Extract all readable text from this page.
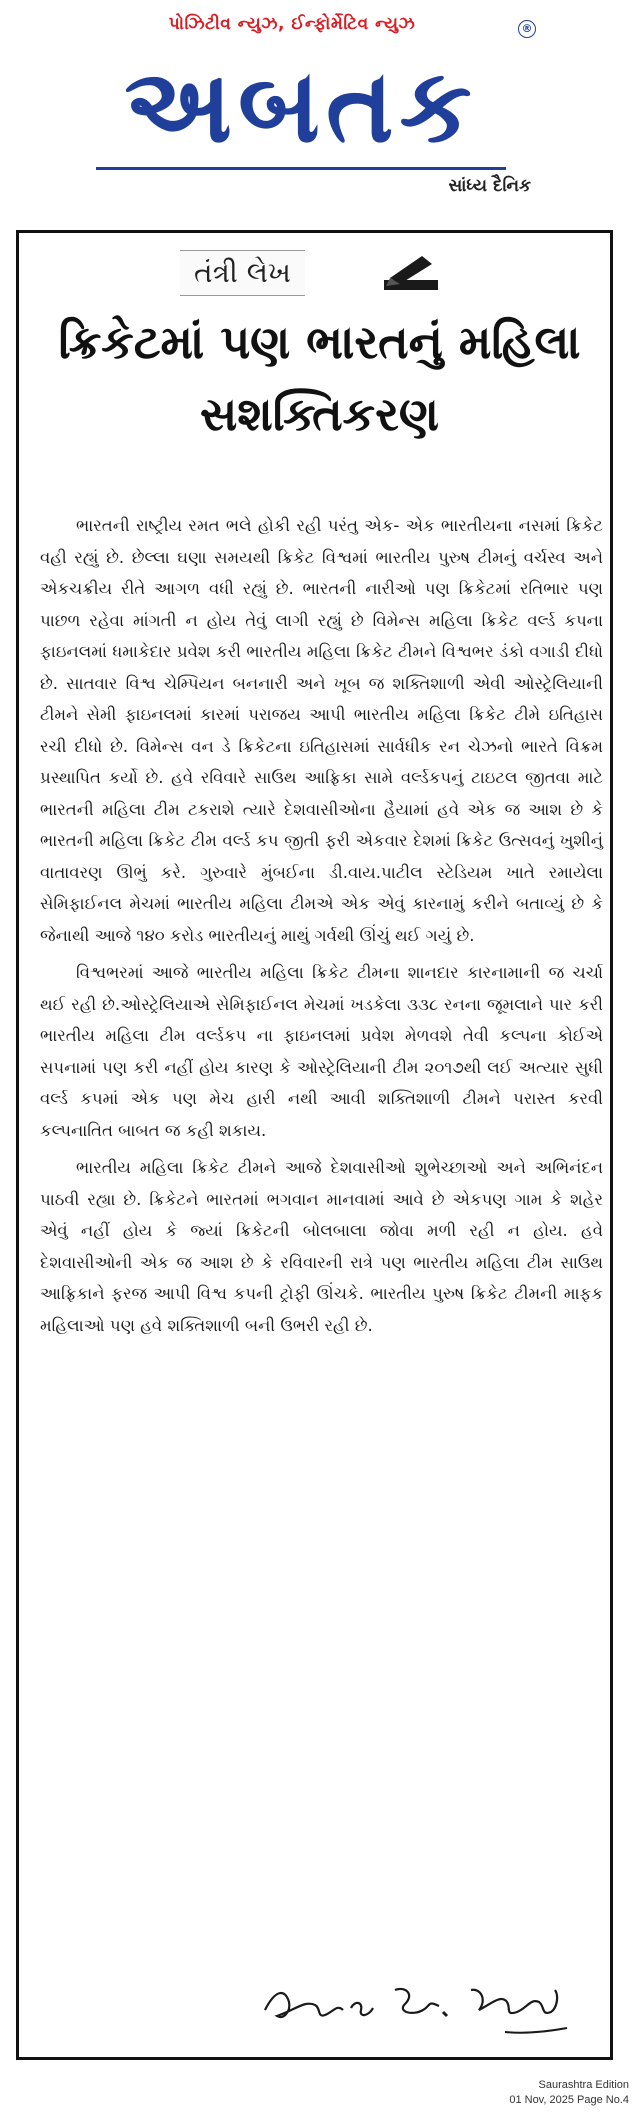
પોઝિટીવ ન્યુઝ, ઈન્ફોર્મેટિવ ન્યુઝ
અબતક
®
સાંધ્ય દૈનિક
તંત્રી લેખ
ક્રિકેટમાં પણ ભારતનું મહિલા સશક્તિકરણ

ભારતની રાષ્ટ્રીય રમત ભલે હોકી રહી પરંતુ એક- એક ભારતીયના નસમાં ક્રિકેટ વહી રહ્યું છે. છેલ્લા ઘણા સમયથી ક્રિકેટ વિશ્વમાં ભારતીય પુરુષ ટીમનું વર્ચસ્વ અને એકચક્રીય રીતે આગળ વધી રહ્યું છે. ભારતની નારીઓ પણ ક્રિકેટમાં રતિભાર પણ પાછળ રહેવા માંગતી ન હોય તેવું લાગી રહ્યું છે વિમેન્સ મહિલા ક્રિકેટ વર્લ્ડ કપના ફાઇનલમાં ધમાકેદાર પ્રવેશ કરી ભારતીય મહિલા ક્રિકેટ ટીમને વિશ્વભર ડંકો વગાડી દીધો છે. સાતવાર વિશ્વ ચેમ્પિયન બનનારી અને ખૂબ જ શક્તિશાળી એવી ઓસ્ટ્રેલિયાની ટીમને સેમી ફાઇનલમાં કારમાં પરાજય આપી ભારતીય મહિલા ક્રિકેટ ટીમે ઇતિહાસ રચી દીધો છે. વિમેન્સ વન ડે ક્રિકેટના ઇતિહાસમાં સાર્વધીક રન ચેઝનો ભારતે વિક્રમ પ્રસ્થાપિત કર્યો છે. હવે રવિવારે સાઉથ આફ્રિકા સામે વર્લ્ડકપનું ટાઇટલ જીતવા માટે ભારતની મહિલા ટીમ ટકરાશે ત્યારે દેશવાસીઓના હૈયામાં હવે એક જ આશ છે કે ભારતની મહિલા ક્રિકેટ ટીમ વર્લ્ડ કપ જીતી ફરી એકવાર દેશમાં ક્રિકેટ ઉત્સવનું ખુશીનું વાતાવરણ ઊભું કરે. ગુરુવારે મુંબઈના ડી.વાય.પાટીલ સ્ટેડિયમ ખાતે રમાયેલા સેમિફાઈનલ મેચમાં ભારતીય મહિલા ટીમએ એક એવું કારનામું કરીને બતાવ્યું છે કે જેનાથી આજે ૧૪૦ કરોડ ભારતીયનું માથું ગર્વથી ઊંચું થઈ ગયું છે.

વિશ્વભરમાં આજે ભારતીય મહિલા ક્રિકેટ ટીમના શાનદાર કારનામાની જ ચર્ચા થઈ રહી છે.ઓસ્ટ્રેલિયાએ સેમિફાઈનલ મેચમાં ખડકેલા ૩૩૮ રનના જૂમલાને પાર કરી ભારતીય મહિલા ટીમ વર્લ્ડકપ ના ફાઇનલમાં પ્રવેશ મેળવશે તેવી કલ્પના કોઈએ સપનામાં પણ કરી નહીં હોય કારણ કે ઓસ્ટ્રેલિયાની ટીમ ૨૦૧૭થી લઈ અત્યાર સુધી વર્લ્ડ કપમાં એક પણ મેચ હારી નથી આવી શક્તિશાળી ટીમને પરાસ્ત કરવી કલ્પનાતિત બાબત જ કહી શકાય.

ભારતીય મહિલા ક્રિકેટ ટીમને આજે દેશવાસીઓ શુભેચ્છાઓ અને અભિનંદન પાઠવી રહ્યા છે. ક્રિકેટને ભારતમાં ભગવાન માનવામાં આવે છે એકપણ ગામ કે શહેર એવું નહીં હોય કે જ્યાં ક્રિકેટની બોલબાલા જોવા મળી રહી ન હોય. હવે દેશવાસીઓની એક જ આશ છે કે રવિવારની રાત્રે પણ ભારતીય મહિલા ટીમ સાઉથ આફ્રિકાને ફરજ આપી વિશ્વ કપની ટ્રોફી ઊંચકે. ભારતીય પુરુષ ક્રિકેટ ટીમની માફક મહિલાઓ પણ હવે શક્તિશાળી બની ઉભરી રહી છે.

Saurashtra Edition
01 Nov, 2025 Page No.4
